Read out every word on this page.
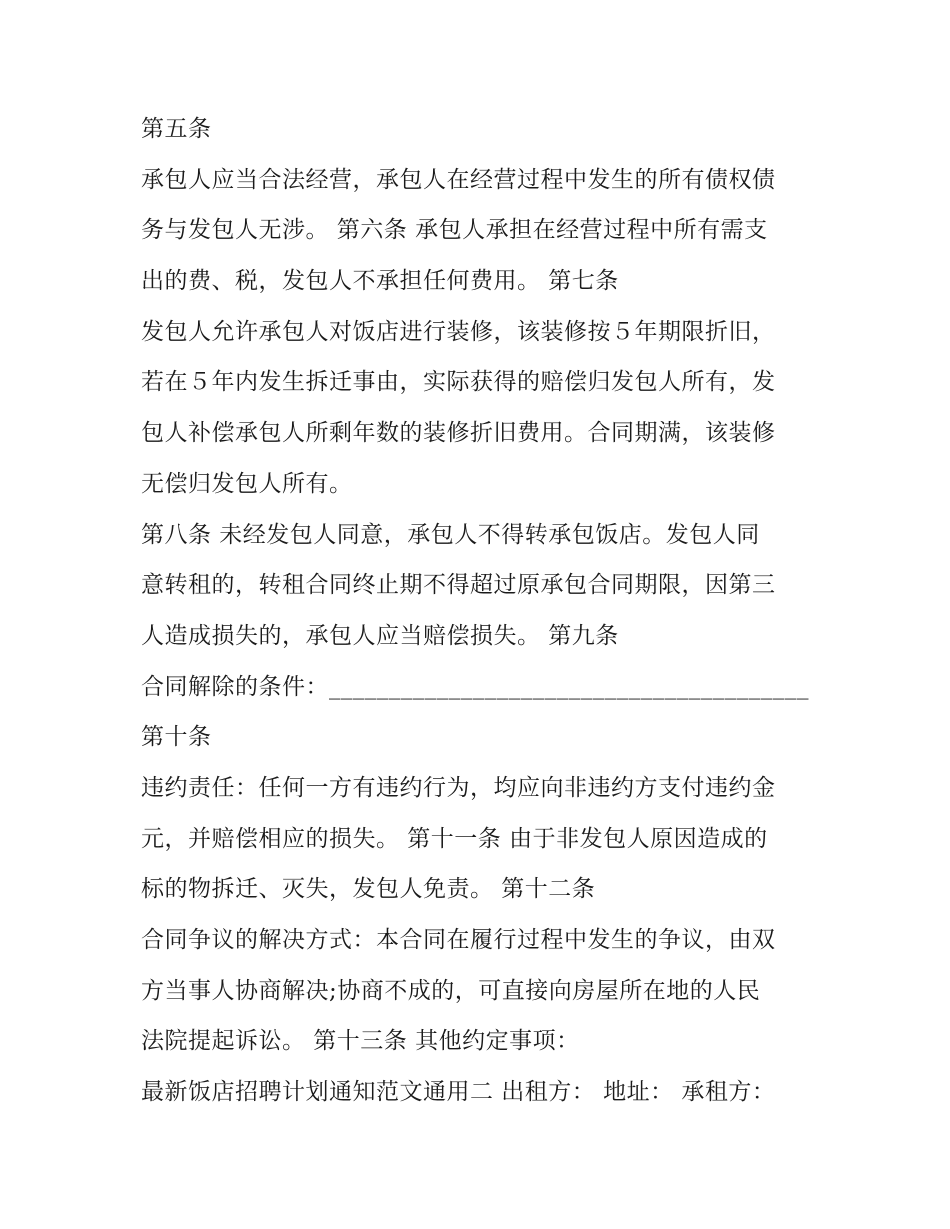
第五条
承包人应当合法经营，承包人在经营过程中发生的所有债权债
务与发包人无涉。 第六条 承包人承担在经营过程中所有需支
出的费、税，发包人不承担任何费用。 第七条
发包人允许承包人对饭店进行装修，该装修按５年期限折旧，
若在５年内发生拆迁事由，实际获得的赔偿归发包人所有，发
包人补偿承包人所剩年数的装修折旧费用。合同期满，该装修
无偿归发包人所有。
第八条 未经发包人同意，承包人不得转承包饭店。发包人同
意转租的，转租合同终止期不得超过原承包合同期限，因第三
人造成损失的，承包人应当赔偿损失。 第九条
合同解除的条件：________________________________________
第十条
违约责任：任何一方有违约行为，均应向非违约方支付违约金
元，并赔偿相应的损失。 第十一条 由于非发包人原因造成的
标的物拆迁、灭失，发包人免责。 第十二条
合同争议的解决方式：本合同在履行过程中发生的争议，由双
方当事人协商解决;协商不成的，可直接向房屋所在地的人民
法院提起诉讼。 第十三条 其他约定事项：
最新饭店招聘计划通知范文通用二 出租方： 地址： 承租方：
